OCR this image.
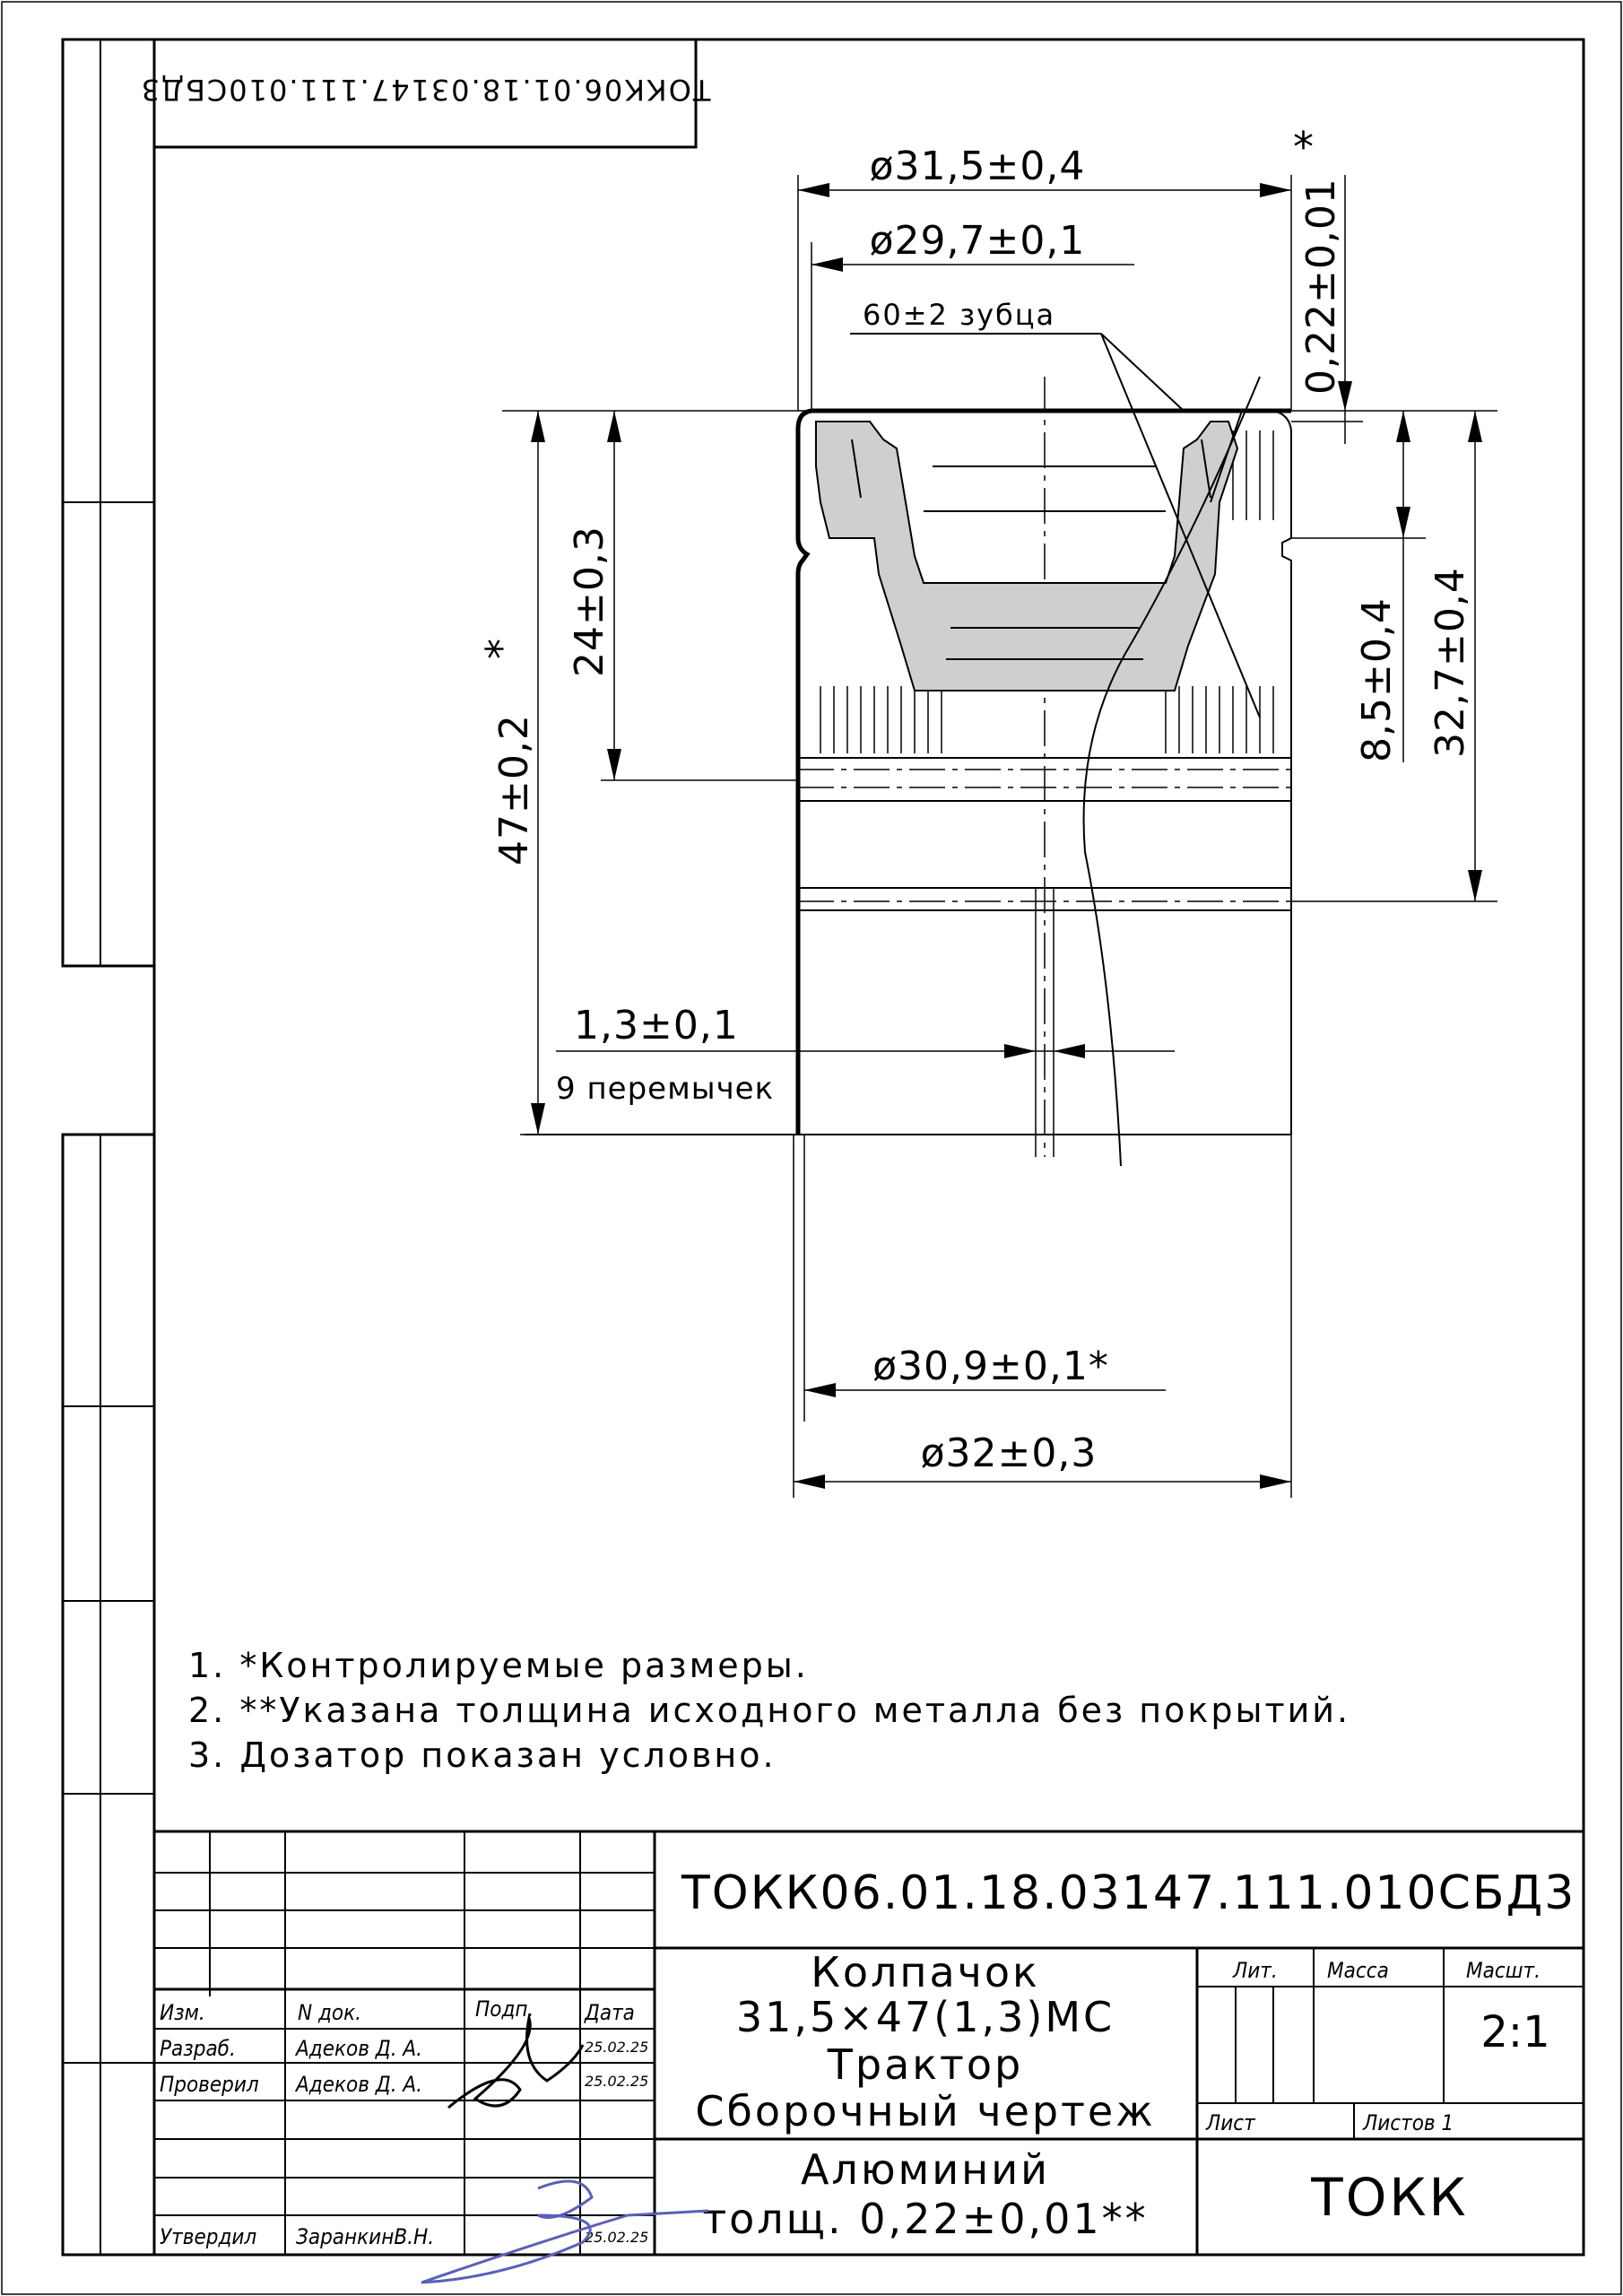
ТОКК06.01.18.03147.111.010СБД3
ø31,5±0,4
ø29,7±0,1
60±2 зубца	0,22±0,01
*
47±0,2
* 24±0,3	8,5±0,4 32,7±0,4
1,3±0,1
9 перемычек
ø30,9±0,1*
ø32±0,3
1. *Контролируемые размеры.
2. **Указана толщина исходного металла без покрытий.
3. Дозатор показан условно.
ТОКК06.01.18.03147.111.010СБД3
Колпачок
31,5×47(1,3)МС
Трактор
Сборочный чертеж
Алюминий
толщ. 0,22±0,01**
Изм.	N док.	Подп. Дата
Разраб.	Адеков Д. А.	25.02.25
Проверил Адеков Д. А.	25.02.25
Утвердил ЗаранкинВ.Н.	25.02.25
Лит. Масса	Масшт.
2:1
Лист	Листов 1
ТОКК
